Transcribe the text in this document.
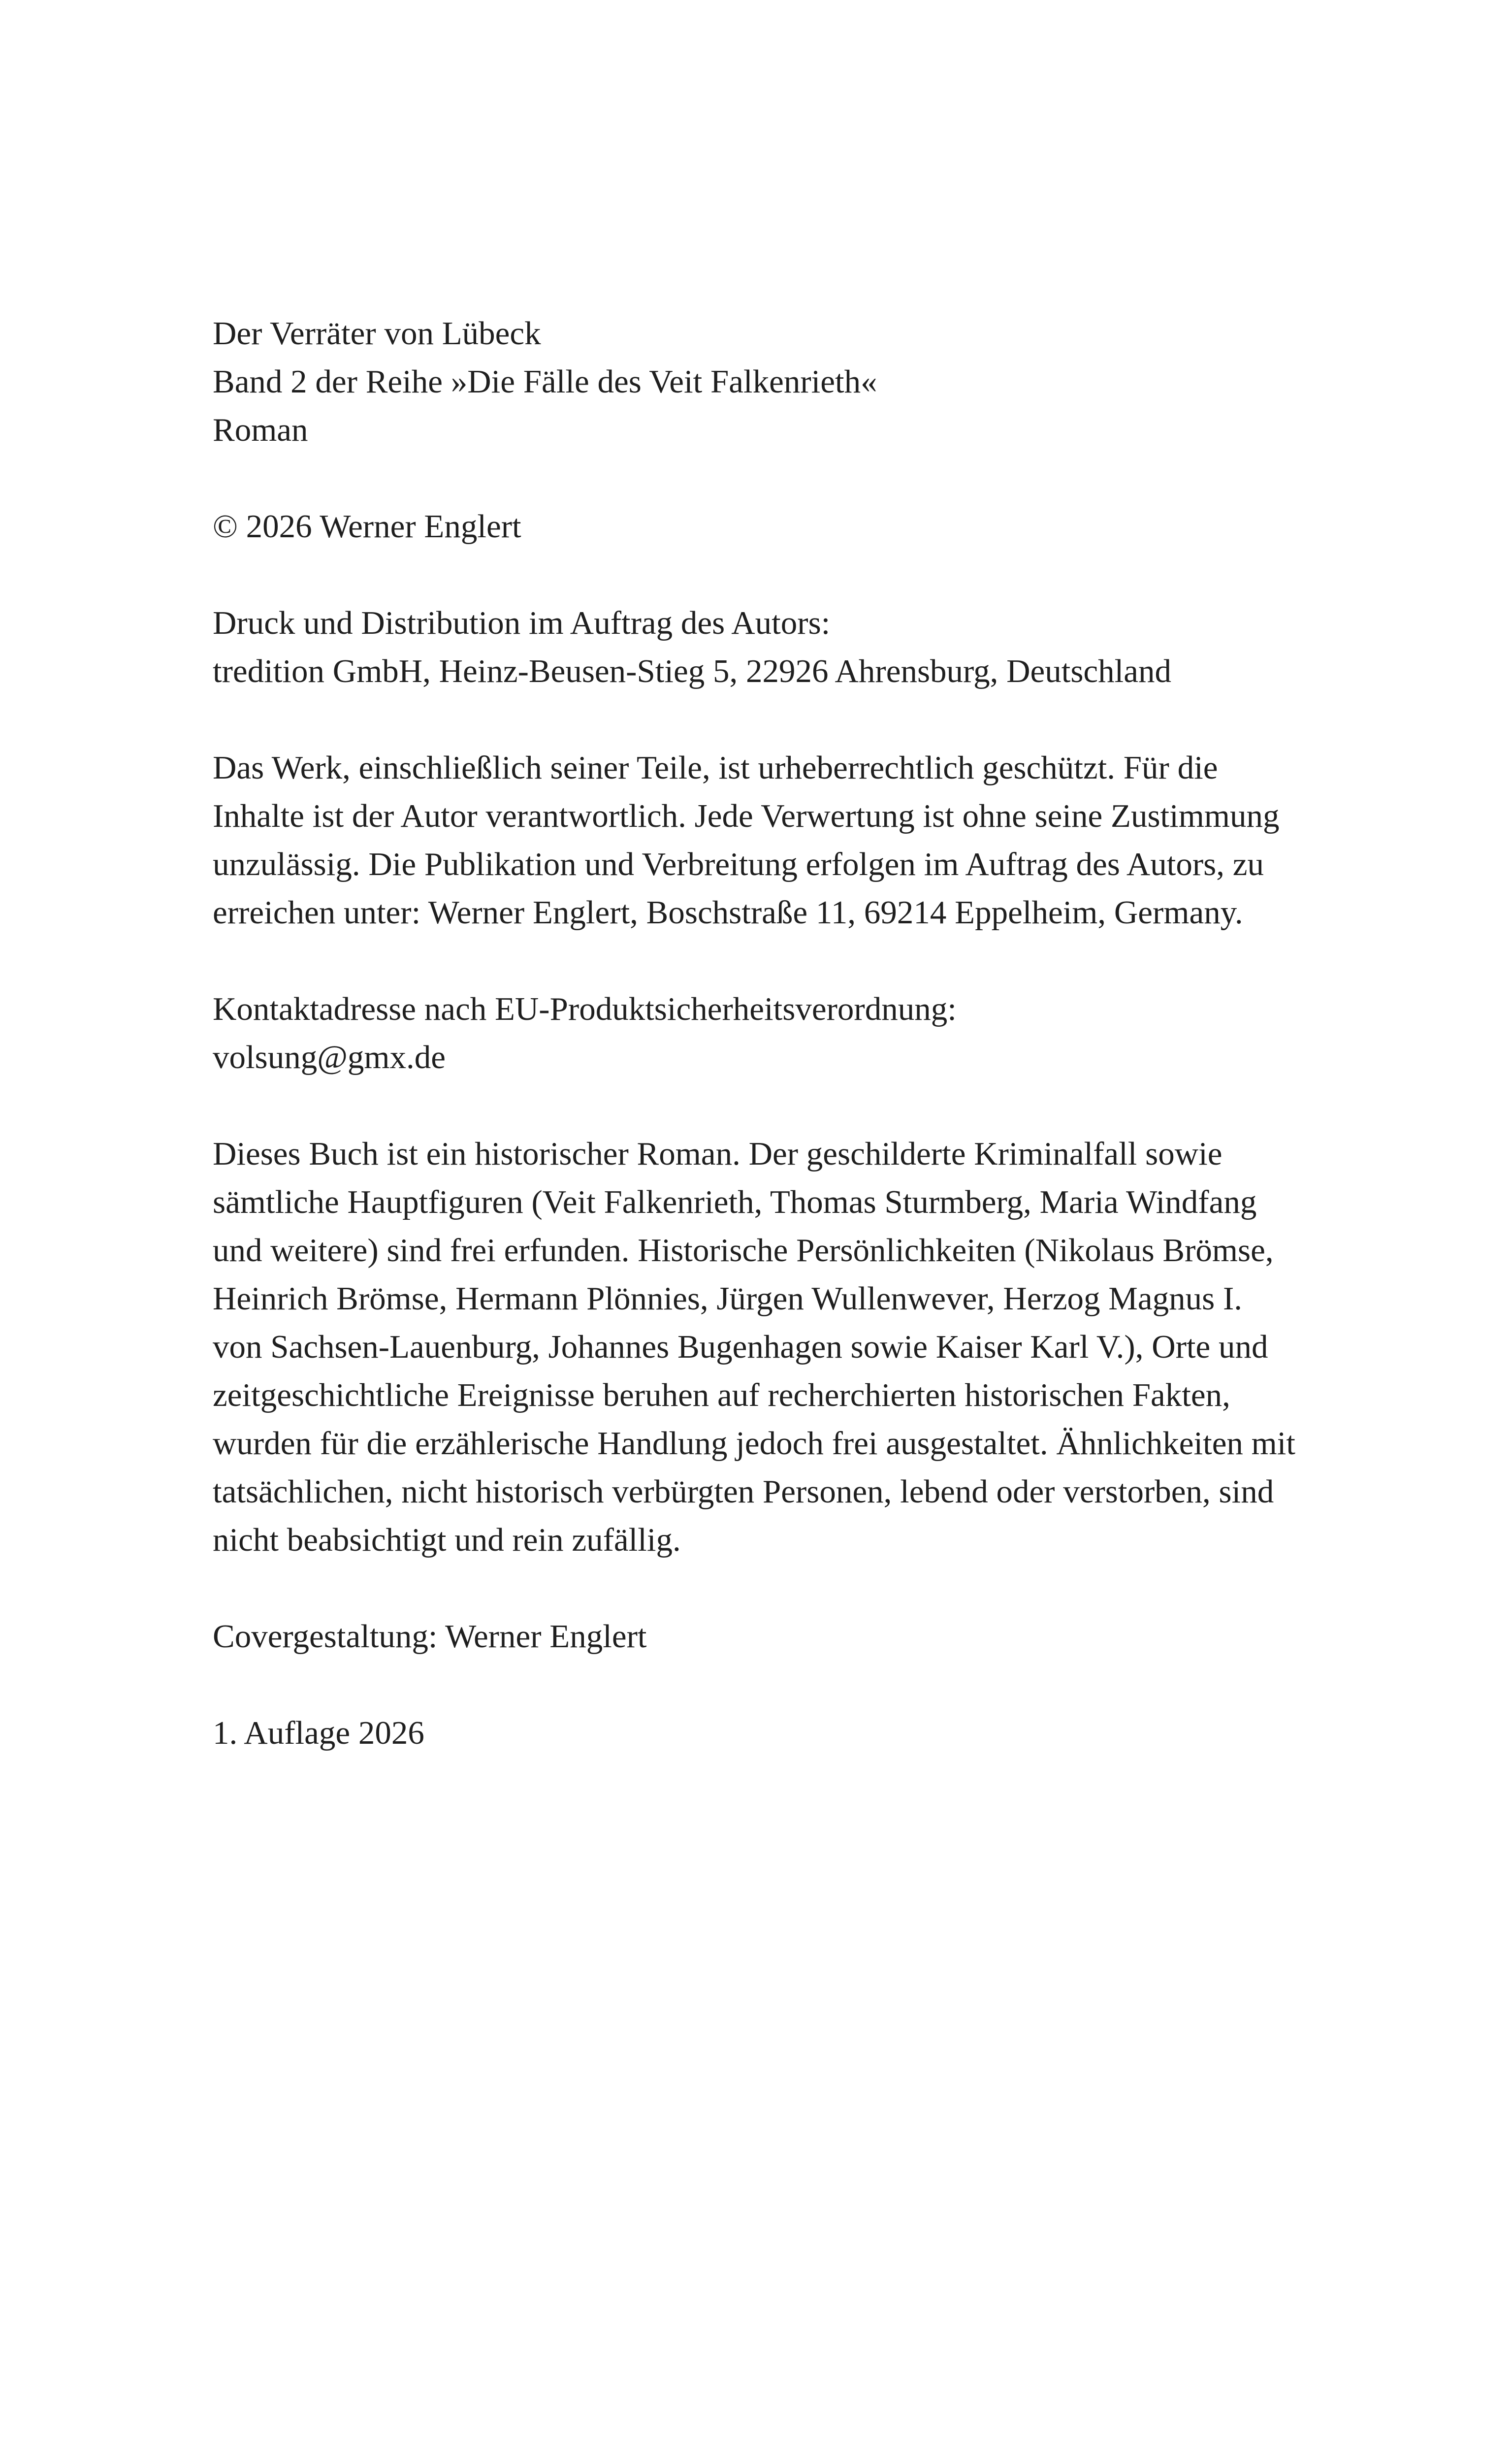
Der Verräter von Lübeck
Band 2 der Reihe »Die Fälle des Veit Falkenrieth«
Roman
© 2026 Werner Englert
Druck und Distribution im Auftrag des Autors:
tredition GmbH, Heinz-Beusen-Stieg 5, 22926 Ahrensburg, Deutschland
Das Werk, einschließlich seiner Teile, ist urheberrechtlich geschützt. Für die
Inhalte ist der Autor verantwortlich. Jede Verwertung ist ohne seine Zustimmung
unzulässig. Die Publikation und Verbreitung erfolgen im Auftrag des Autors, zu
erreichen unter: Werner Englert, Boschstraße 11, 69214 Eppelheim, Germany.
Kontaktadresse nach EU-Produktsicherheitsverordnung:
volsung@gmx.de
Dieses Buch ist ein historischer Roman. Der geschilderte Kriminalfall sowie
sämtliche Hauptfiguren (Veit Falkenrieth, Thomas Sturmberg, Maria Windfang
und weitere) sind frei erfunden. Historische Persönlichkeiten (Nikolaus Brömse,
Heinrich Brömse, Hermann Plönnies, Jürgen Wullenwever, Herzog Magnus I.
von Sachsen-Lauenburg, Johannes Bugenhagen sowie Kaiser Karl V.), Orte und
zeitgeschichtliche Ereignisse beruhen auf recherchierten historischen Fakten,
wurden für die erzählerische Handlung jedoch frei ausgestaltet. Ähnlichkeiten mit
tatsächlichen, nicht historisch verbürgten Personen, lebend oder verstorben, sind
nicht beabsichtigt und rein zufällig.
Covergestaltung: Werner Englert
1. Auflage 2026
